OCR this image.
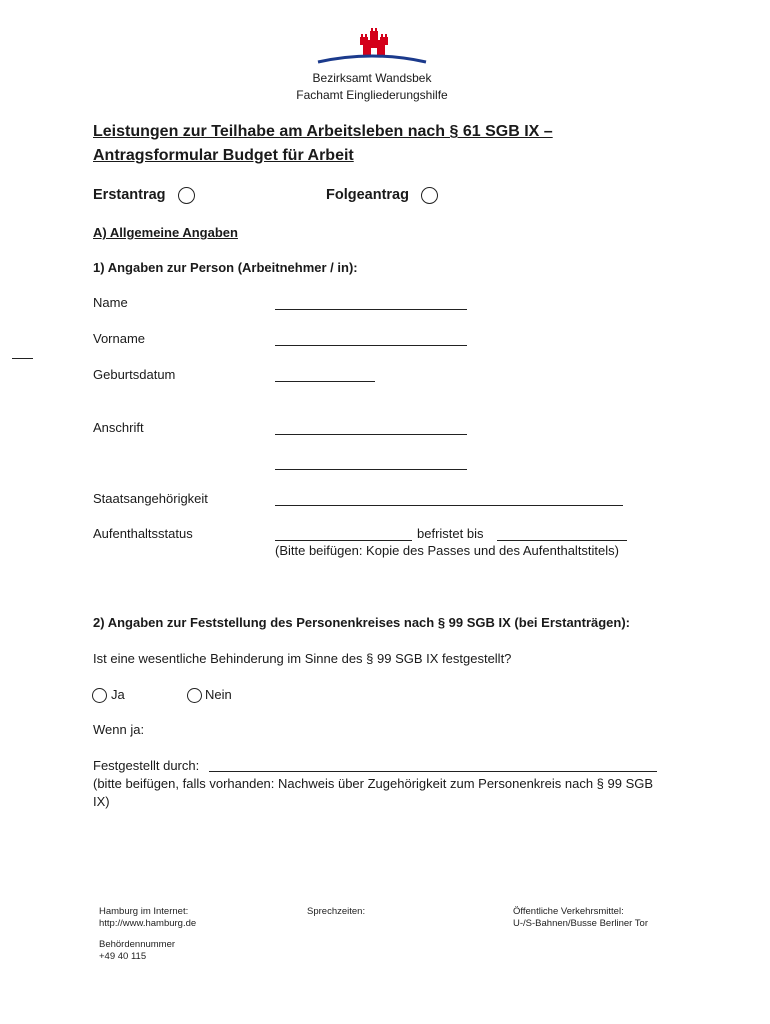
Bezirksamt Wandsbek
Fachamt Eingliederungshilfe
Leistungen zur Teilhabe am Arbeitsleben nach § 61 SGB IX –
Antragsformular Budget für Arbeit
Erstantrag	Folgeantrag
A) Allgemeine Angaben
1) Angaben zur Person (Arbeitnehmer / in):
Name
Vorname
Geburtsdatum
Anschrift
Staatsangehörigkeit
Aufenthaltsstatus	befristet bis
(Bitte beifügen: Kopie des Passes und des Aufenthaltstitels)
2) Angaben zur Feststellung des Personenkreises nach § 99 SGB IX (bei Erstanträgen):
Ist eine wesentliche Behinderung im Sinne des § 99 SGB IX festgestellt?
Ja	Nein
Wenn ja:
Festgestellt durch:
(bitte beifügen, falls vorhanden: Nachweis über Zugehörigkeit zum Personenkreis nach § 99 SGB
IX)
Hamburg im Internet:
http://www.hamburg.de
Sprechzeiten:	Öffentliche Verkehrsmittel:
U-/S-Bahnen/Busse Berliner Tor
Behördennummer
+49 40 115
